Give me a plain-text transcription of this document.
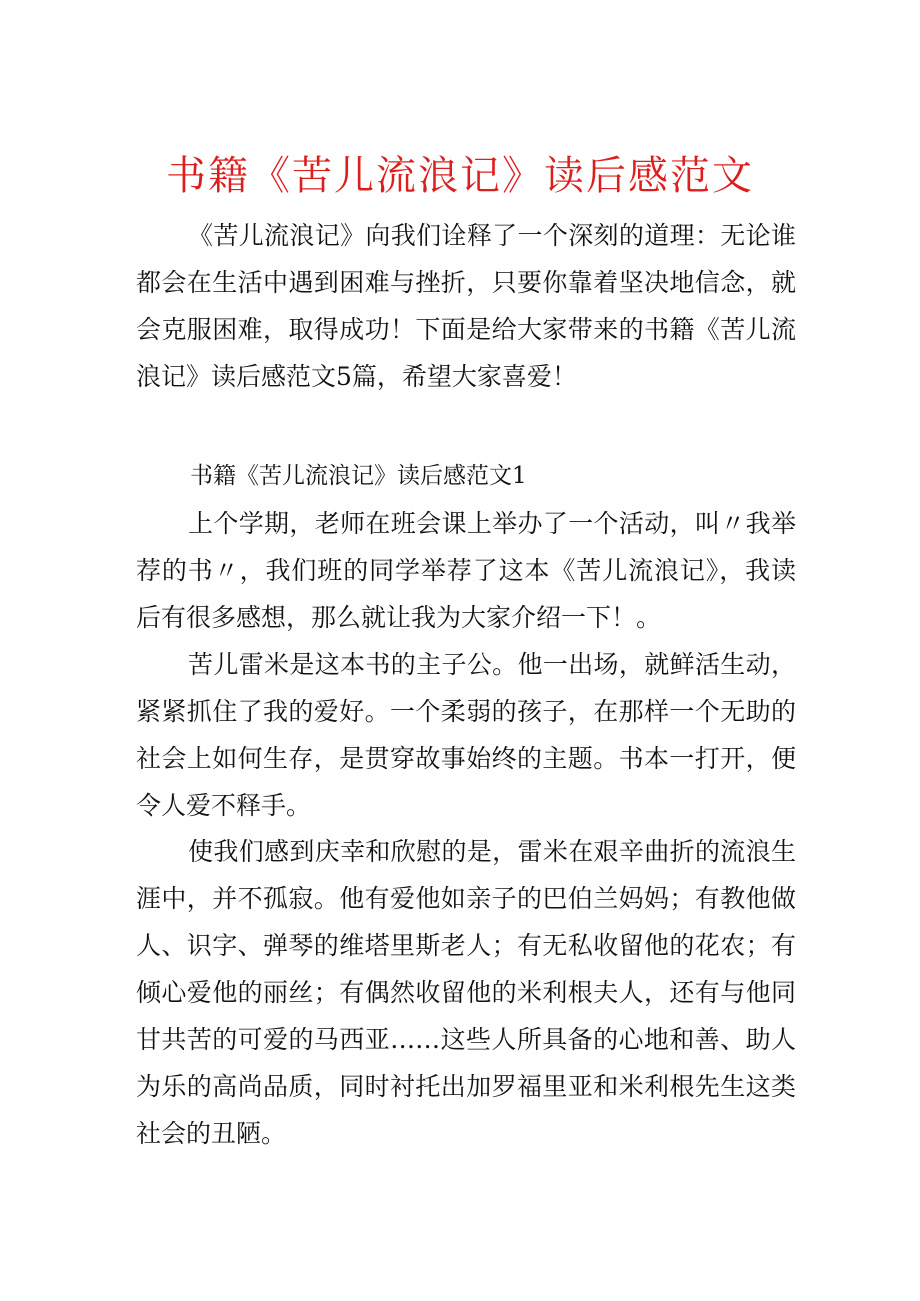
书籍《苦儿流浪记》读后感范文

《苦儿流浪记》向我们诠释了一个深刻的道理：无论谁都会在生活中遇到困难与挫折，只要你靠着坚决地信念，就会克服困难，取得成功！下面是给大家带来的书籍《苦儿流浪记》读后感范文5篇，希望大家喜爱！

书籍《苦儿流浪记》读后感范文1

上个学期，老师在班会课上举办了一个活动，叫〃我举荐的书〃，我们班的同学举荐了这本《苦儿流浪记》，我读后有很多感想，那么就让我为大家介绍一下！。

苦儿雷米是这本书的主子公。他一出场，就鲜活生动，紧紧抓住了我的爱好。一个柔弱的孩子，在那样一个无助的社会上如何生存，是贯穿故事始终的主题。书本一打开，便令人爱不释手。

使我们感到庆幸和欣慰的是，雷米在艰辛曲折的流浪生涯中，并不孤寂。他有爱他如亲子的巴伯兰妈妈；有教他做人、识字、弹琴的维塔里斯老人；有无私收留他的花农；有倾心爱他的丽丝；有偶然收留他的米利根夫人，还有与他同甘共苦的可爱的马西亚……这些人所具备的心地和善、助人为乐的高尚品质，同时衬托出加罗福里亚和米利根先生这类社会的丑陋。
